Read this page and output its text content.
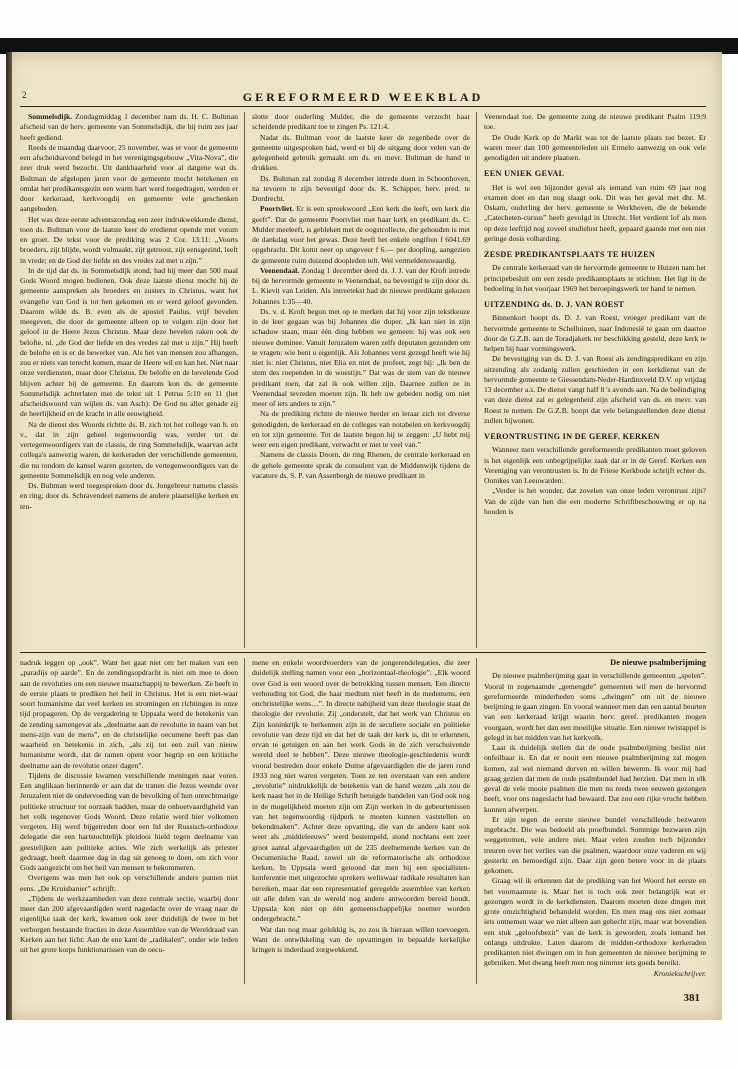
2	GEREFORMEERD WEEKBLAD

Sommelsdijk. Zondagmiddag 1 december nam ds. H. C. Bultman afscheid van de herv. gemeente van Sommelsdijk, die hij ruim zes jaar heeft gediend.

Reeds de maandag daarvoor, 25 november, was er voor de gemeente een afscheidsavond belegd in het verenigingsgebouw „Vita-Nova”, die zeer druk werd bezocht. Uit dankbaarheid voor al datgene wat ds. Bultman de afgelopen jaren voor de gemeente mocht betekenen en omdat het predikantsgezin een warm hart werd toegedragen, werden er door kerkeraad, kerkvoogdij en gemeente vele geschenken aangeboden.

Het was deze eerste adventszondag een zeer indrukwekkende dienst, toen ds. Bultman voor de laatste keer de eredienst opende met votum en groet. De tekst voor de prediking was 2 Cor. 13:11: „Voorts broeders, zijt blijde, wordt volmaakt, zijt getroost, zijt eensgezind, leeft in vrede; en de God der liefde en des vredes zal met u zijn.”

In de tijd dat ds. in Sommelsdijk stond, had hij meer dan 500 maal Gods Woord mogen bedienen. Ook deze laatste dienst mocht hij de gemeente aanspreken als broeders en zusters in Christus, want het evangelie van God is tot hen gekomen en er werd geloof gevonden. Daarom wilde ds. B. even als de apostel Paulus, vrijf bevelen meegeven, die door de gemeente alleen op te volgen zijn door het geloof in de Heere Jezus Christus. Maar deze bevelen raken ook de belofte, nl. „de God der liefde en des vredes zal met u zijn.” Hij heeft de belofte en is er de bewerker van. Als het van mensen zou afhangen, zou er niets van terecht komen, maar de Heere wil en kan het. Niet naar onze verdiensten, maar door Christus. De belofte en de bevelende God blijven achter bij de gemeente. En daarom kon ds. de gemeente Sommelsdijk achterlaten met de tekst uit 1 Petrus 5:10 en 11 (het afscheidswoord van wijlen ds. van Asch): De God nu aller genade zij de heerlijkheid en de kracht in alle eeuwigheid.

Na de dienst des Woords richtte ds. B. zich tot het college van h. en v., dat in zijn geheel tegenwoordig was, verder tot de vertegenwoordigers van de classis, de ring Sommelsdijk, waarvan acht collega's aanwezig waren, de kerkeraden der verschillende gemeenten, die nu rondom de kansel waren gezeten, de vertegenwoordigers van de gemeente Sommelsdijk en nog vele anderen.

Ds. Bultman werd toegesproken door ds. Jongebreur namens classis en ring; door ds. Schravendeel namens de andere plaatselijke kerken en ten-

slotte door ouderling Mulder, die de gemeente verzocht haar scheidende predikant toe te zingen Ps. 121:4.

Nadat ds. Bultman voor de laatste keer de zegenbede over de gemeente uitgesproken had, werd er bij de uitgang door velen van de gelegenheid gebruik gemaakt om ds. en mevr. Bultman de hand te drukken.

Ds. Bultman zal zondag 8 december intrede doen in Schoonhoven, na tevoren te zijn bevestigd door ds. K. Schipper, herv. pred. te Dordrecht.

Poortvliet. Er is een spreekwoord „Een kerk die leeft, een kerk die geeft”. Dat de gemeente Poortvliet met haar kerk en predikant ds. C. Mulder meeleeft, is gebleken met de oogstcollecte, die gehouden is met de dankdag voor het gewas. Deze heeft het enkele ongiften f 6041.69 opgebracht. Dit komt neer op ongeveer f 6.— per doopling, aangezien de gemeente ruim duizend doopleden telt. Wel vermeldenswaardig.

Veenendaal. Zondag 1 december deed ds. J. J. van der Kroft intrede bij de hervormde gemeente te Veenendaal, na bevestigd te zijn door ds. L. Kievit van Leiden. Als intreetekst had de nieuwe predikant gekozen Johannes 1:35—40.

Ds. v. d. Kroft begon met op te merken dat hij voor zijn tekstkeuze in de leer gegaan was bij Johannes die doper. „Ik kan niet in zijn schaduw staan, maar één ding hebben we gemeen: hij was ook een nieuwe dominee. Vanuit Jeruzalem waren zelfs deputaten gezonden om te vragen: wie bent u eigenlijk. Als Johannes verst gezegd heeft wie hij niet is: niet Christus, niet Elia en niet de profeet, zegt hij: „Ik ben de stem des roependen in de woestijn.” Dat was de stem van de nieuwe predikant toen, dat zal ik ook willen zijn. Daarnee zullen ze in Veenendaal tevreden moeten zijn. Ik heb uw gebeden nodig om niet meer of iets anders te zijn.”

Na de prediking richtte de nieuwe herder en leraar zich tot diverse genodigden, de kerkeraad en de colleges van notabelen en kerkvoogdij en tot zijn gemeente. Tot de laatste begon hij te zeggen: „U hebt mij weer een eigen predikant, verwacht er niet te veel van.”

Namens de classis Doorn, de ring Rhenen, de centrale kerkeraad en de gehele gemeente sprak de consulent van de Middenwijk tijdens de vacature ds. S. P. van Assenbergh de nieuwe predikant in

Veenendaal toe. De gemeente zong de nieuwe predikant Psalm 119:9 toe.

De Oude Kerk op de Markt was tot de laatste plaats toe bezet. Er waren meer dan 100 gemeenteleden uit Ermelo aanwezig en ook vele genodigden uit andere plaatsen.

EEN UNIEK GEVAL

Het is wel een bijzonder geval als iemand van ruim 69 jaar nog examen doet en dan nog slaagt ook. Dit was het geval met dhr. M. Oskam, ouderling der herv. gemeente te Werkhoven, die de bekende „Catecheten-cursus” heeft gevolgd in Utrecht. Het verdient lof als men op deze leeftijd nog zoveel studielust heeft, gepaard gaande met een niet geringe dosis volharding.

ZESDE PREDIKANTSPLAATS TE HUIZEN

De centrale kerkeraad van de hervormde gemeente te Huizen nam het principebesluit om een zesde predikantsplaats te stichten. Het ligt in de bedoeling in het voorjaar 1969 het beroepingswerk ter hand te nemen.

UITZENDING ds. D. J. VAN ROEST

Binnenkort hoopt ds. D. J. van Roest, vroeger predikant van de hervormde gemeente te Schelluinen, naar Indonesië te gaan om daartoe door de G.Z.B. aan de Toradjakerk ter beschikking gesteld, deze kerk te helpen bij haar vormingswerk.

De bevestiging van ds. D. J. van Roest als zendingspredikant en zijn uitzending als zodanig zullen geschieden in een kerkdienst van de hervormde gemeente te Giessendam-Neder-Hardinxveld D.V. op vrijdag 13 december a.s. De dienst vangt half 8 's avonds aan. Na de beëindiging van deze dienst zal er gelegenheid zijn afscheid van ds. en mevr. van Roest te nemen. De G.Z.B. hoopt dat vele belangstellenden deze dienst zullen bijwonen.

VERONTRUSTING IN DE GEREF. KERKEN

Wanneer men verschillende gereformeerde predikanten moet geloven is het eigenlijk een onbegrijpelijke zaak dat er in de Geref. Kerken een Vereniging van verontrusten is. In de Friese Kerkbode schrijft echter ds. Oomkes van Leeuwarden:

„Verder is het wonder, dat zovelen van onze leden verontrust zijn? Van de zijde van hen die een moderne Schriftbeschouwing er op na houden is

nadruk leggen op „ook”. Want het gaat niet om het maken van een „paradijs op aarde”. En de zendingsopdracht is niet om mee te doen aan de revoluties om een nieuwe maatschappij te bewerken. Ze heeft in de eerste plaats te prediken het heil in Christus. Het is een niet-waar soort humanisme dat veel kerken en stromingen en richtingen in onze tijd propageren. Op de vergadering te Uppsala werd de betekenis van de zending samengevat als „deelname aan de revolutie in naam van het mens-zijn van de mens”, en de christelijke oecumene heeft pas dan waarheid en betekenis in zich, „als zij tot een zuil van nieuw humanisme wordt, dat de ramen opent voor begrip en een kritische deelname aan de revolutie onzer dagen”.

Tijdens de discussie kwamen verschillende meningen naar voren. Een anglikaan herinnerde er aan dat de tranen die Jezus weende over Jeruzalem niet de ondervoeding van de bevolking of hun onrechtmatige politieke structuur tot oorzaak hadden, maar de onboetvaardigheid van het volk tegenover Gods Woord. Deze relatie werd hier volkomen vergeten. Hij werd bijgetreden door een lid der Russisch-orthodoxe delegatie die een hartstochtelijk pleidooi hield tegen deelname van geestelijken aan politieke acties. Wie zich werkelijk als priester gedraagt, heeft daarmee dag in dag uit genoeg te doen, om zich voor Gods aangezicht om het heil van mensen te bekommeren.

Overigens was men het ook op verschillende andere punten niet eens. „De Kruisbanier” schrijft:

„Tijdens de werkzaamheden van deze centrale sectie, waarbij door meer dan 200 afgevaardigden werd nagedacht over de vraag naar de eigenlijke taak der kerk, kwamen ook zeer duidelijk de twee in het verborgen bestaande fracties in deze Assemblee van de Wereldraad van Kerken aan het licht: Aan de ene kant de „radikalen”, onder wie leden uit het grote korps funktionarissen van de oecu-

mene en enkele woordvoerders van de jongerendelegaties, die zeer duidelijk stelling namen voor een „horizontaal-theologie”: „Elk woord over God is een woord over de betrekking tussen mensen. Een directe verhouding tot God, die haar medium niet heeft in de medemens, een onchristelijke wens…”. In directe nabijheid van deze theologie staat de theologie der revolutie. Zij „onderstelt, dat het werk van Christus en Zijn koninkrijk te herkennen zijn in de seculiere sociale en politieke revolutie van deze tijd en dat het de taak der kerk is, dit te erkennen, ervan te getuigen en aan het werk Gods in de zich verschuivende wereld deel te hebben”. Deze nieuwe theologie-geschiedenis wordt vooral bestreden door enkele Duitse afgevaardigden die de jaren rond 1933 nog niet waren vergeten. Toen ze ten overstaan van een andere „revolutie” uitdrukkelijk de betekenis van de hand wezen „als zou de kerk naast het in de Heilige Schrift betuigde handelen van God ook nog in de mogelijkheid moeten zijn om Zijn werken in de gebeurtenissen van het tegenwoordig tijdperk te moeten kunnen vaststellen en bekendmaken”. Achter deze opvatting, die van de andere kant ook weer als „middeleeuws” werd bestempeld, stond nochtans een zeer groot aantal afgevaardigden uit de 235 deelnemende kerken van de Oecumenische Raad, zowel uit de reformatorische als orthodoxe kerken. In Uppsala werd getoond dat men bij een specialisten-konferentie met uitgezochte sprekers weliswaar radikale resultaten kan bereiken, maar dat een representatief geregelde assemblee van kerken uit alle delen van de wereld nog andere antwoorden bereid houdt. Uppsala kon niet op één gemeenschappelijke noemer worden ondergebracht.”

Wat dan nog maar gelukkig is, zo zou ik hieraan willen toevoegen. Want de ontwikkeling van de opvattingen in bepaalde kerkelijke kringen is inderdaad zorgwekkend.

De nieuwe psalmberijming

De nieuwe psalmberijming gaat in verschillende gemeenten „spelen”. Vooral in zogenaamde „gemengde” gemeenten wil men de hervormd gereformeerde minderheden soms „dwingen” om uit de nieuwe berijming te gaan zingen. En vooral wanneer men dan een aantal beurten van een kerkeraad krijgt waarin herv. geref. predikanten mogen voorgaan, wordt het dan een moeilijke situatie. Een nieuwe twistappel is gelegd in het midden van het kerkvolk.

Laat ik duidelijk stellen dat de oude psalmberijming beslist niet onfeilbaar is. En dat er nooit een nieuwe psalmberijming zal mogen komen, zal wel niemand durven en willen beweren. Ik voor mij had graag gezien dat men de oude psalmbundel had herzien. Dat men in elk geval de vele mooie psalmen die men nu reeds twee eeuwen gezongen heeft, voor ons nageslacht had bewaard. Dat zou een rijke vrucht hebben kunnen afwerpen.

Er zijn tegen de eerste nieuwe bundel verschillende bezwaren ingebracht. Die was bedoeld als proefbundel. Sommige bezwaren zijn weggenomen, vele andere niet. Maar velen zouden toch bijzonder treuren over het verlies van die psalmen, waardoor onze vaderen en wij gesterkt en bemoedigd zijn. Daar zijn geen betere voor in de plaats gekomen.

Graag wil ik erkennen dat de prediking van het Woord het eerste en het voornaamste is. Maar het is toch ook zeer belangrijk wat er gezongen wordt in de kerkdiensten. Daarom moeten deze dingen met grote omzichtigheid behandeld worden. En men mag ons niet zomaar iets ontnemen waar we niet alleen aan gehecht zijn, maar wat bovendien een stuk „geloofsbezit” van de kerk is geworden, zoals iemand het onlangs uitdrukte. Laten daarom de midden-orthodoxe kerkeraden predikanten niet dwingen om in hun gemeenten de nieuwe berijming te gebruiken. Met dwang heeft men nog nimmer iets goeds bereikt.
Kroniekschrijver.

381
